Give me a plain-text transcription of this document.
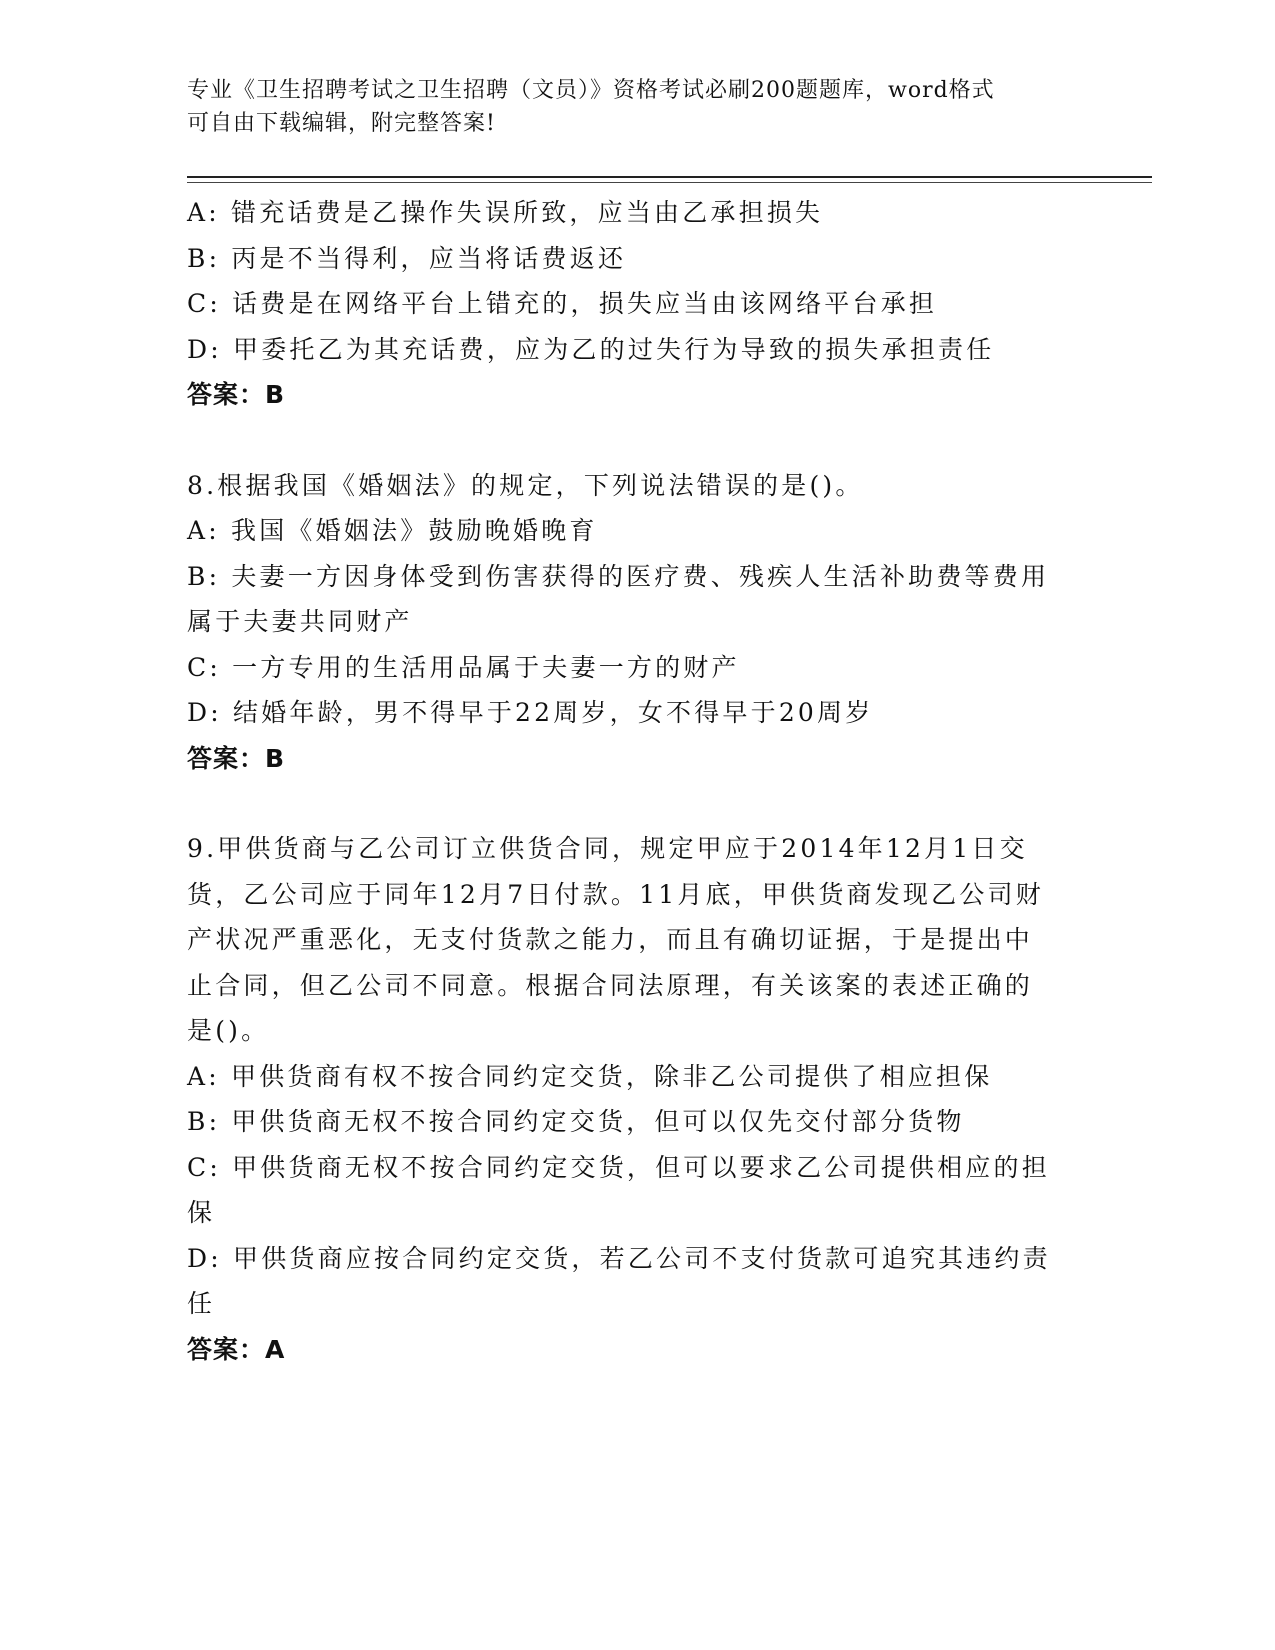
专业《卫生招聘考试之卫生招聘（文员）》资格考试必刷200题题库，word格式
可自由下载编辑，附完整答案!

A: 错充话费是乙操作失误所致，应当由乙承担损失

B: 丙是不当得利，应当将话费返还

C: 话费是在网络平台上错充的，损失应当由该网络平台承担

D: 甲委托乙为其充话费，应为乙的过失行为导致的损失承担责任

答案：B

8.根据我国《婚姻法》的规定，下列说法错误的是()。

A: 我国《婚姻法》鼓励晚婚晚育

B: 夫妻一方因身体受到伤害获得的医疗费、残疾人生活补助费等费用

属于夫妻共同财产

C: 一方专用的生活用品属于夫妻一方的财产

D: 结婚年龄，男不得早于22周岁，女不得早于20周岁

答案：B

9.甲供货商与乙公司订立供货合同，规定甲应于2014年12月1日交

货，乙公司应于同年12月7日付款。11月底，甲供货商发现乙公司财

产状况严重恶化，无支付货款之能力，而且有确切证据，于是提出中

止合同，但乙公司不同意。根据合同法原理，有关该案的表述正确的

是()。

A: 甲供货商有权不按合同约定交货，除非乙公司提供了相应担保

B: 甲供货商无权不按合同约定交货，但可以仅先交付部分货物

C: 甲供货商无权不按合同约定交货，但可以要求乙公司提供相应的担

保

D: 甲供货商应按合同约定交货，若乙公司不支付货款可追究其违约责

任

答案：A
